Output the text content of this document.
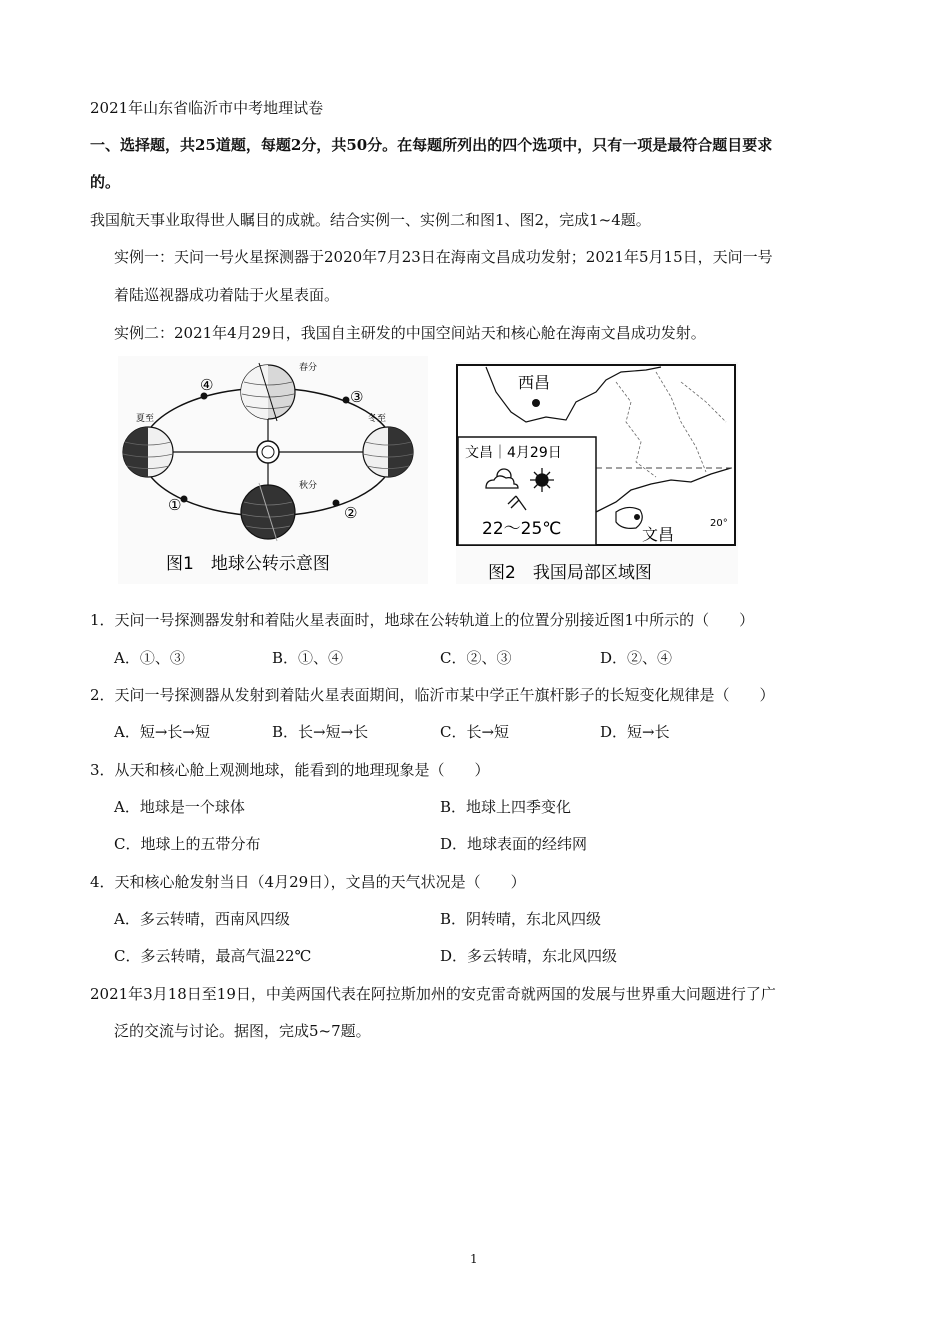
2021年山东省临沂市中考地理试卷
一、选择题，共25道题，每题2分，共50分。在每题所列出的四个选项中，只有一项是最符合题目要求
的。
我国航天事业取得世人瞩目的成就。结合实例一、实例二和图1、图2，完成1~4题。
实例一：天问一号火星探测器于2020年7月23日在海南文昌成功发射；2021年5月15日，天问一号
着陆巡视器成功着陆于火星表面。
实例二：2021年4月29日，我国自主研发的中国空间站天和核心舱在海南文昌成功发射。
春分
秋分
夏至	冬至
④
③
①	②
图1　地球公转示意图
文昌
20°
西昌
文昌｜4月29日
22～25℃
图2　我国局部区域图
1．天问一号探测器发射和着陆火星表面时，地球在公转轨道上的位置分别接近图1中所示的（　　）
A．①、③	B．①、④	C．②、③	D．②、④
2．天问一号探测器从发射到着陆火星表面期间，临沂市某中学正午旗杆影子的长短变化规律是（　　）
A．短→长→短	B．长→短→长	C．长→短	D．短→长
3．从天和核心舱上观测地球，能看到的地理现象是（　　）
A．地球是一个球体	B．地球上四季变化
C．地球上的五带分布	D．地球表面的经纬网
4．天和核心舱发射当日（4月29日），文昌的天气状况是（　　）
A．多云转晴，西南风四级	B．阴转晴，东北风四级
C．多云转晴，最高气温22℃	D．多云转晴，东北风四级
2021年3月18日至19日，中美两国代表在阿拉斯加州的安克雷奇就两国的发展与世界重大问题进行了广
泛的交流与讨论。据图，完成5~7题。
1
